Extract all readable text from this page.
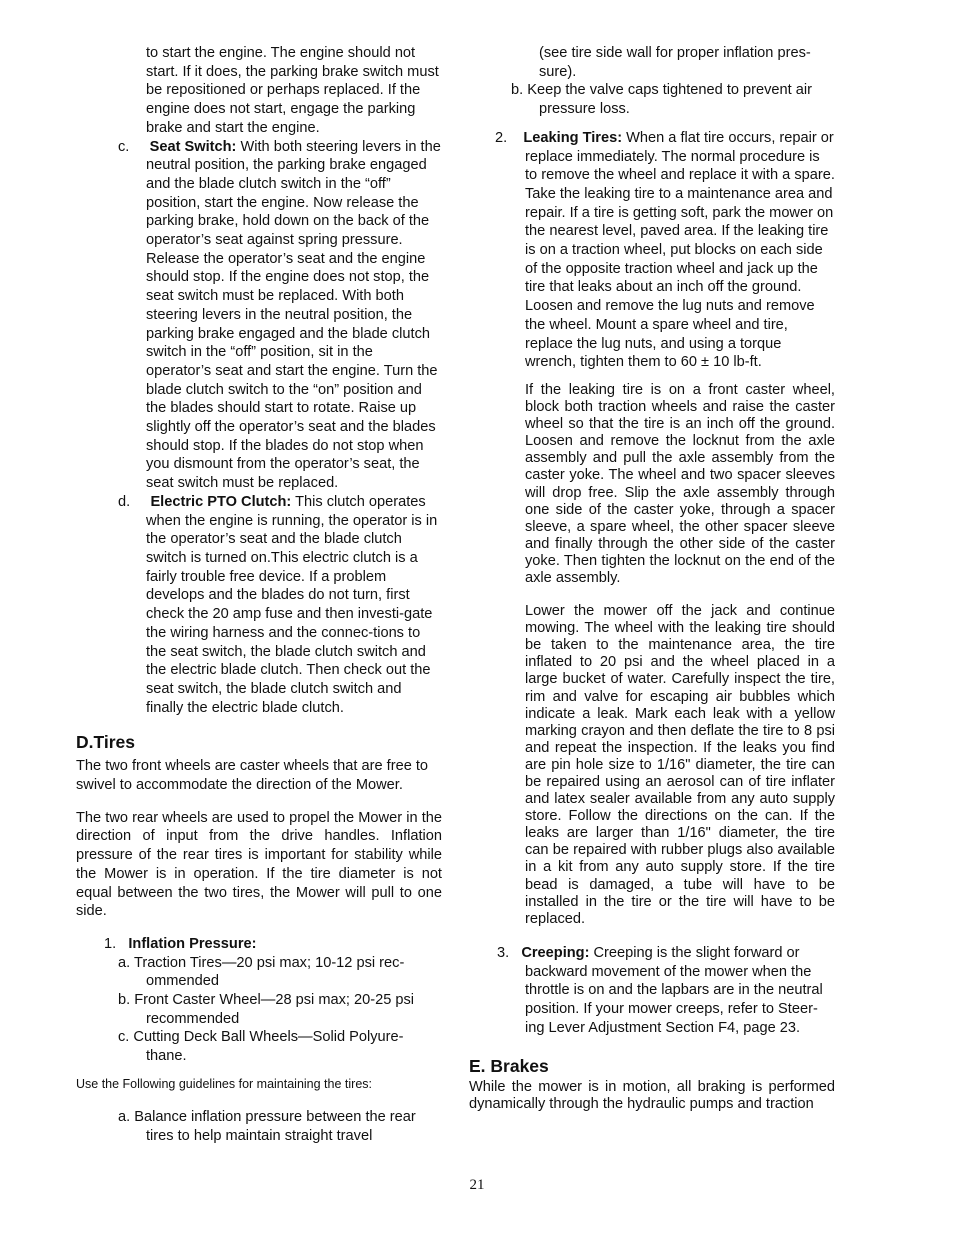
to start the engine. The engine should not start. If it does, the parking brake switch must be repositioned or perhaps replaced. If the engine does not start, engage the parking brake and start the engine.

c. Seat Switch: With both steering levers in the neutral position, the parking brake engaged and the blade clutch switch in the “off” position, start the engine. Now release the parking brake, hold down on the back of the operator’s seat against spring pressure. Release the operator’s seat and the engine should stop. If the engine does not stop, the seat switch must be replaced. With both steering levers in the neutral position, the parking brake engaged and the blade clutch switch in the “off” position, sit in the operator’s seat and start the engine. Turn the blade clutch switch to the “on” position and the blades should start to rotate. Raise up slightly off the operator’s seat and the blades should stop. If the blades do not stop when you dismount from the operator’s seat, the seat switch must be replaced.

d. Electric PTO Clutch: This clutch operates when the engine is running, the operator is in the operator’s seat and the blade clutch switch is turned on.This electric clutch is a fairly trouble free device. If a problem develops and the blades do not turn, first check the 20 amp fuse and then investi-gate the wiring harness and the connec-tions to the seat switch, the blade clutch switch and the electric blade clutch. Then check out the seat switch, the blade clutch switch and finally the electric blade clutch.

D.Tires

The two front wheels are caster wheels that are free to swivel to accommodate the direction of the Mower.

The two rear wheels are used to propel the Mower in the direction of input from the drive handles. Inflation pressure of the rear tires is important for stability while the Mower is in operation. If the tire diameter is not equal between the two tires, the Mower will pull to one side.

1. Inflation Pressure:

a. Traction Tires—20 psi max; 10-12 psi rec-ommended

b. Front Caster Wheel—28 psi max; 20-25 psi recommended

c. Cutting Deck Ball Wheels—Solid Polyure-thane.

Use the Following guidelines for maintaining the tires:

a. Balance inflation pressure between the rear tires to help maintain straight travel

(see tire side wall for proper inflation pres-sure).

b. Keep the valve caps tightened to prevent air pressure loss.

2. Leaking Tires: When a flat tire occurs, repair or replace immediately. The normal procedure is to remove the wheel and replace it with a spare. Take the leaking tire to a maintenance area and repair. If a tire is getting soft, park the mower on the nearest level, paved area. If the leaking tire is on a traction wheel, put blocks on each side of the opposite traction wheel and jack up the tire that leaks about an inch off the ground. Loosen and remove the lug nuts and remove the wheel. Mount a spare wheel and tire, replace the lug nuts, and using a torque wrench, tighten them to 60 ± 10 lb-ft.

If the leaking tire is on a front caster wheel, block both traction wheels and raise the caster wheel so that the tire is an inch off the ground. Loosen and remove the locknut from the axle assembly and pull the axle assembly from the caster yoke. The wheel and two spacer sleeves will drop free. Slip the axle assembly through one side of the caster yoke, through a spacer sleeve, a spare wheel, the other spacer sleeve and finally through the other side of the caster yoke. Then tighten the locknut on the end of the axle assembly.

Lower the mower off the jack and continue mowing. The wheel with the leaking tire should be taken to the maintenance area, the tire inflated to 20 psi and the wheel placed in a large bucket of water. Carefully inspect the tire, rim and valve for escaping air bubbles which indicate a leak. Mark each leak with a yellow marking crayon and then deflate the tire to 8 psi and repeat the inspection. If the leaks you find are pin hole size to 1/16" diameter, the tire can be repaired using an aerosol can of tire inflater and latex sealer available from any auto supply store. Follow the directions on the can. If the leaks are larger than 1/16" diameter, the tire can be repaired with rubber plugs also available in a kit from any auto supply store. If the tire bead is damaged, a tube will have to be installed in the tire or the tire will have to be replaced.

3. Creeping: Creeping is the slight forward or backward movement of the mower when the throttle is on and the lapbars are in the neutral position. If your mower creeps, refer to Steer-ing Lever Adjustment Section F4, page 23.

E. Brakes

While the mower is in motion, all braking is performed dynamically through the hydraulic pumps and traction

21
